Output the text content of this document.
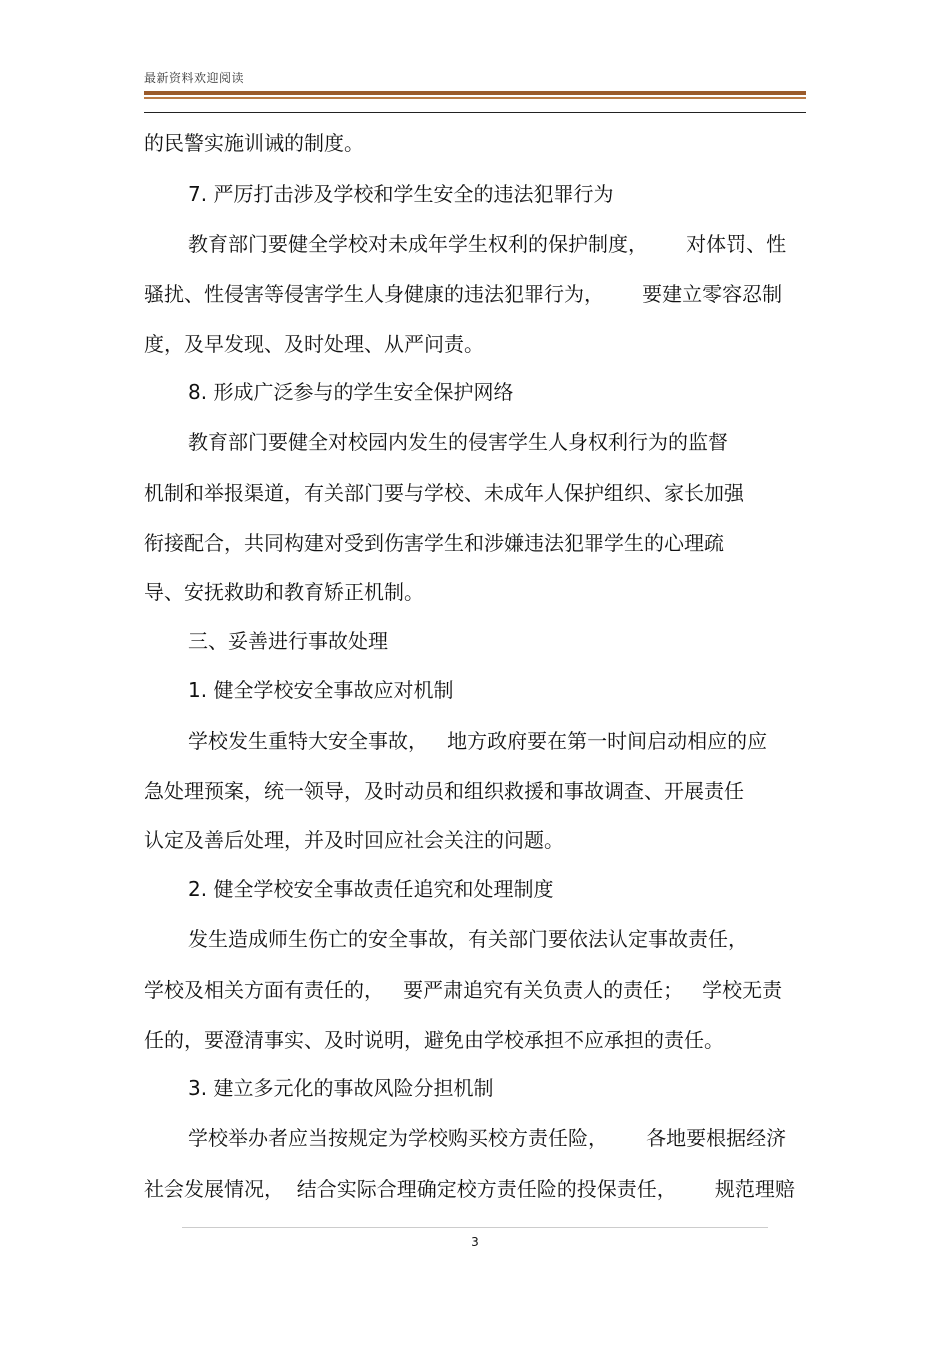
最新资料欢迎阅读
的民警实施训诫的制度。
7. 严厉打击涉及学校和学生安全的违法犯罪行为
教育部门要健全学校对未成年学生权利的保护制度，      对体罚、性
骚扰、性侵害等侵害学生人身健康的违法犯罪行为，      要建立零容忍制
度，及早发现、及时处理、从严问责。
8. 形成广泛参与的学生安全保护网络
教育部门要健全对校园内发生的侵害学生人身权利行为的监督
机制和举报渠道，有关部门要与学校、未成年人保护组织、家长加强
衔接配合，共同构建对受到伤害学生和涉嫌违法犯罪学生的心理疏
导、安抚救助和教育矫正机制。
三、妥善进行事故处理
1. 健全学校安全事故应对机制
学校发生重特大安全事故，   地方政府要在第一时间启动相应的应
急处理预案，统一领导，及时动员和组织救援和事故调查、开展责任
认定及善后处理，并及时回应社会关注的问题。
2. 健全学校安全事故责任追究和处理制度
发生造成师生伤亡的安全事故，有关部门要依法认定事故责任，
学校及相关方面有责任的，   要严肃追究有关负责人的责任；   学校无责
任的，要澄清事实、及时说明，避免由学校承担不应承担的责任。
3. 建立多元化的事故风险分担机制
学校举办者应当按规定为学校购买校方责任险，      各地要根据经济
社会发展情况，  结合实际合理确定校方责任险的投保责任，      规范理赔
3
